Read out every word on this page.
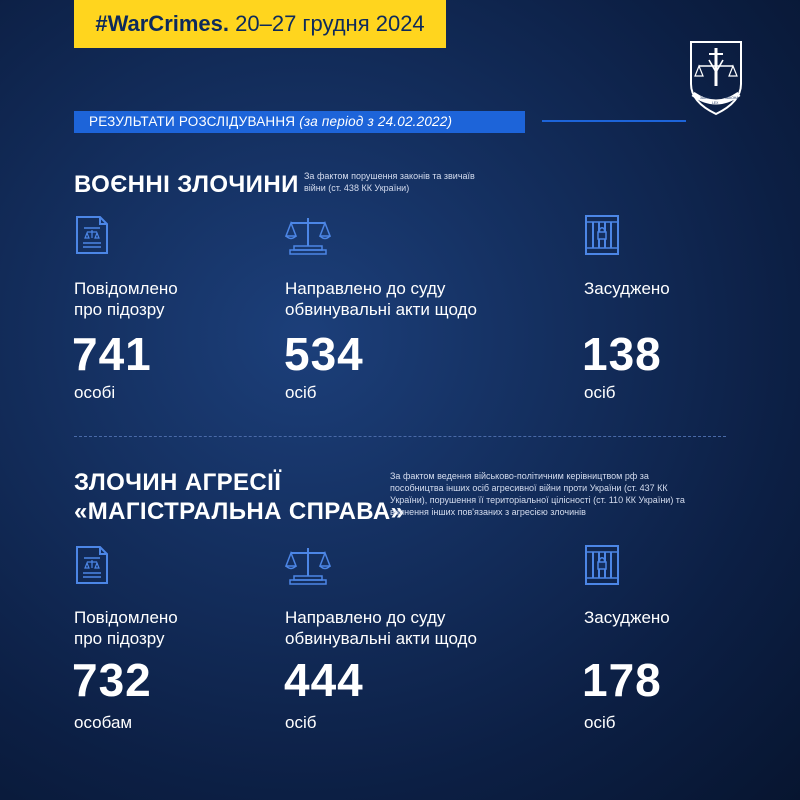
#WarCrimes. 20–27 грудня 2024
ЗАКОН
LEX
ЗАКОНА
РЕЗУЛЬТАТИ РОЗСЛІДУВАННЯ (за період з 24.02.2022)
ВОЄННІ ЗЛОЧИНИ За фактом порушення законів та звичаїв війни (ст. 438 КК України)
Повідомлено
про підозру
741
особі
Направлено до суду
обвинувальні акти щодо
534
осіб
Засуджено
138
осіб
ЗЛОЧИН АГРЕСІЇ
«МАГІСТРАЛЬНА СПРАВА»
За фактом ведення військово-політичним керівництвом рф за пособництва інших осіб агресивної війни проти України (ст. 437 КК України), порушення її територіальної цілісності (ст. 110 КК України) та вчинення інших пов'язаних з агресією злочинів
Повідомлено
про підозру
732
особам
Направлено до суду
обвинувальні акти щодо
444
осіб
Засуджено
178
осіб
